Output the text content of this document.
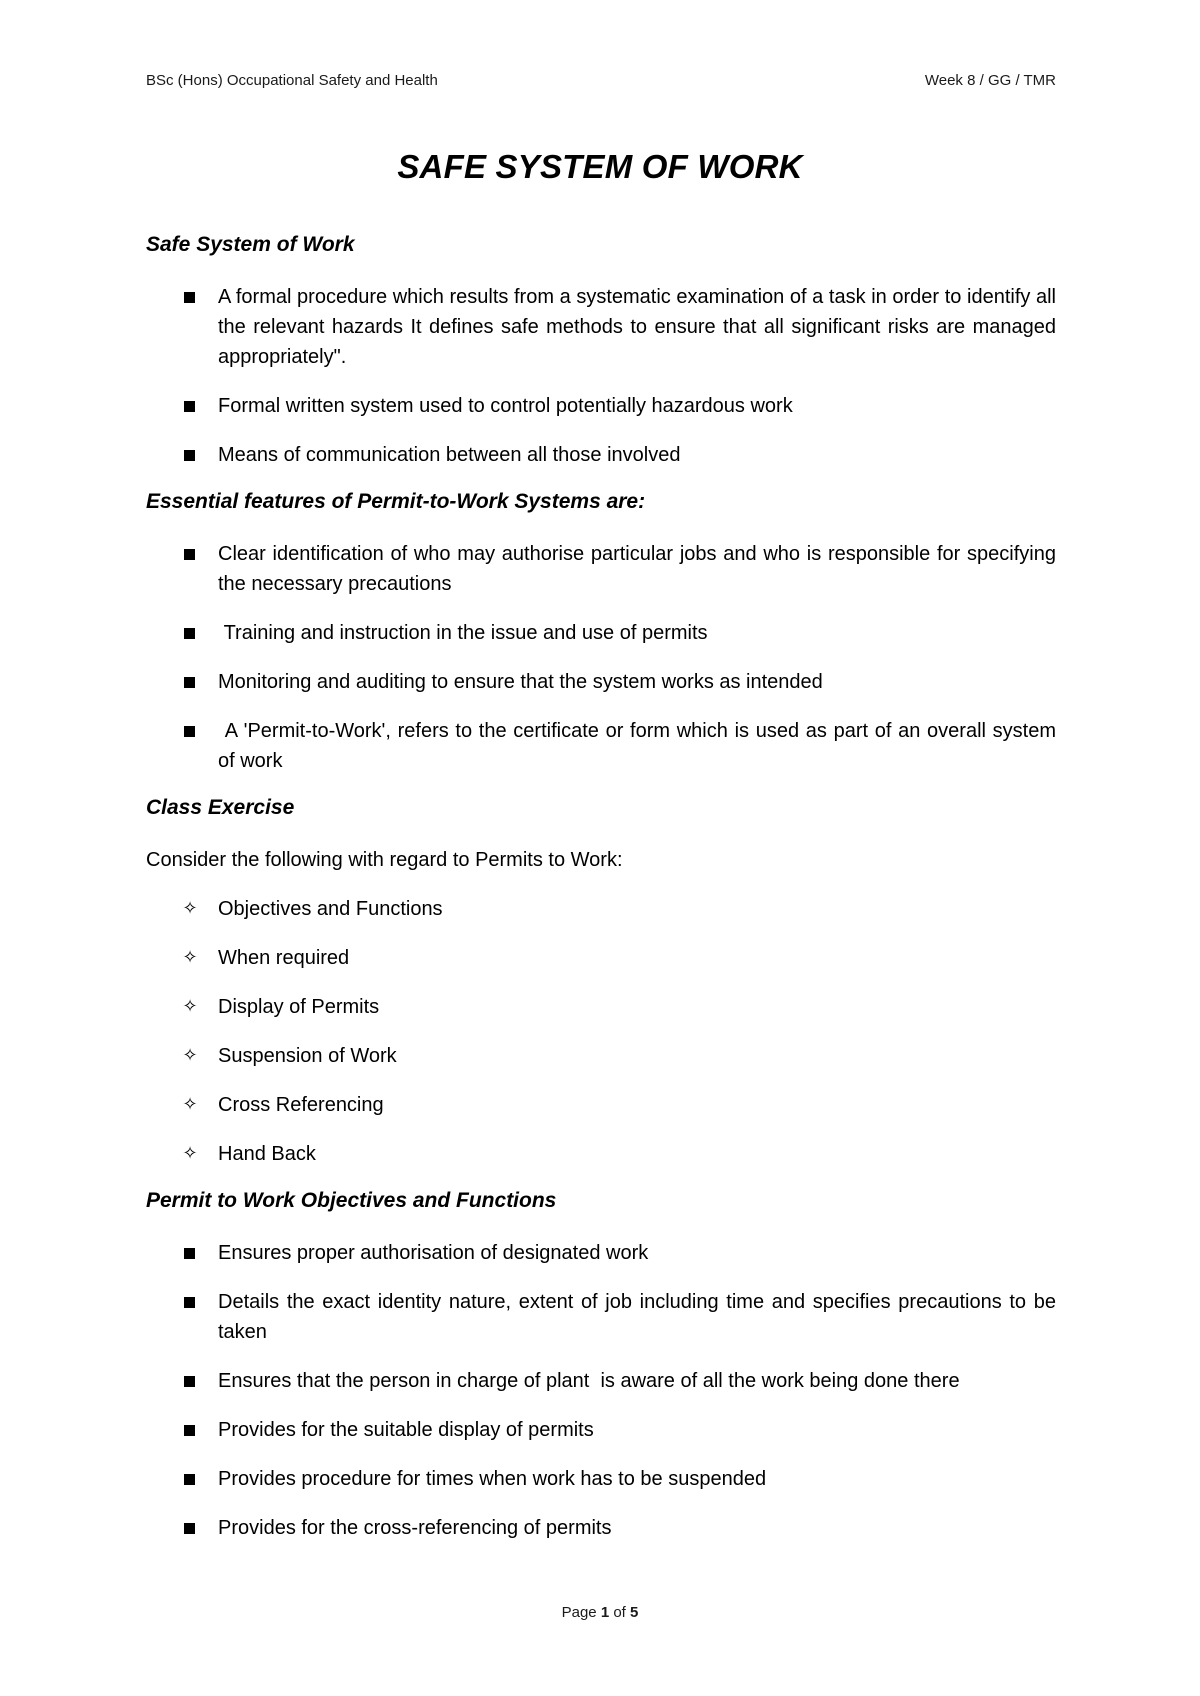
BSc (Hons) Occupational Safety and Health	Week 8 / GG / TMR
SAFE SYSTEM OF WORK
Safe System of Work
A formal procedure which results from a systematic examination of a task in order to identify all the relevant hazards It defines safe methods to ensure that all significant risks are managed appropriately".
Formal written system used to control potentially hazardous work
Means of communication between all those involved
Essential features of Permit-to-Work Systems are:
Clear identification of who may authorise particular jobs and who is responsible for specifying the necessary precautions
Training and instruction in the issue and use of permits
Monitoring and auditing to ensure that the system works as intended
A 'Permit-to-Work', refers to the certificate or form which is used as part of an overall system of work
Class Exercise

Consider the following with regard to Permits to Work:

✧ Objectives and Functions
✧ When required
✧ Display of Permits
✧ Suspension of Work
✧ Cross Referencing
✧ Hand Back
Permit to Work Objectives and Functions
Ensures proper authorisation of designated work
Details the exact identity nature, extent of job including time and specifies precautions to be taken
Ensures that the person in charge of plant  is aware of all the work being done there
Provides for the suitable display of permits
Provides procedure for times when work has to be suspended
Provides for the cross-referencing of permits
Page 1 of 5
